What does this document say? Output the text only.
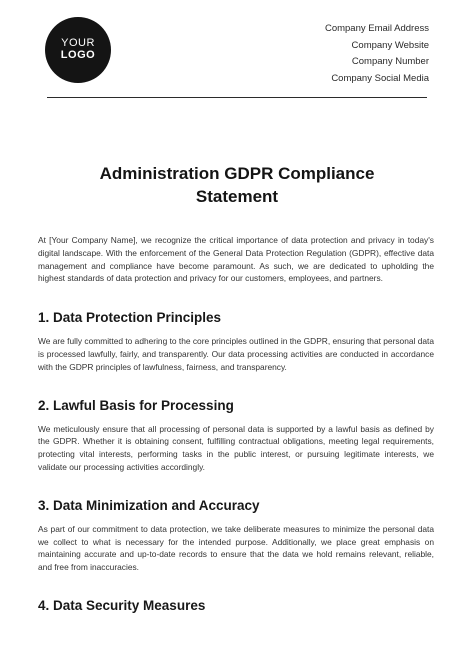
YOUR
LOGO
Company Email Address
Company Website
Company Number
Company Social Media
Administration GDPR Compliance
Statement

At [Your Company Name], we recognize the critical importance of data protection and privacy in today's digital landscape. With the enforcement of the General Data Protection Regulation (GDPR), effective data management and compliance have become paramount. As such, we are dedicated to upholding the highest standards of data protection and privacy for our customers, employees, and partners.

1. Data Protection Principles

We are fully committed to adhering to the core principles outlined in the GDPR, ensuring that personal data is processed lawfully, fairly, and transparently. Our data processing activities are conducted in accordance with the GDPR principles of lawfulness, fairness, and transparency.

2. Lawful Basis for Processing

We meticulously ensure that all processing of personal data is supported by a lawful basis as defined by the GDPR. Whether it is obtaining consent, fulfilling contractual obligations, meeting legal requirements, protecting vital interests, performing tasks in the public interest, or pursuing legitimate interests, we validate our processing activities accordingly.

3. Data Minimization and Accuracy

As part of our commitment to data protection, we take deliberate measures to minimize the personal data we collect to what is necessary for the intended purpose. Additionally, we place great emphasis on maintaining accurate and up-to-date records to ensure that the data we hold remains relevant, reliable, and free from inaccuracies.

4. Data Security Measures
